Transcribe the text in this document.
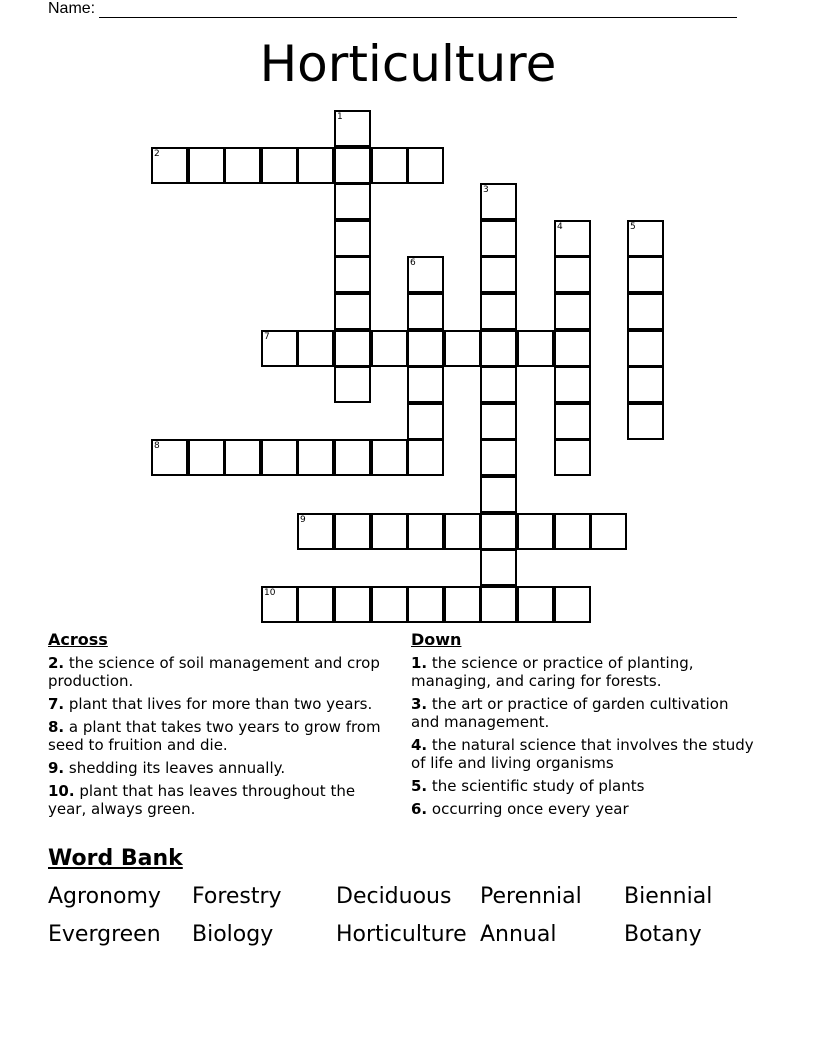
Name:
Horticulture
1
2
3
4	5
6
7
8
9
10
Across
2. the science of soil management and crop production.
7. plant that lives for more than two years.
8. a plant that takes two years to grow from seed to fruition and die.
9. shedding its leaves annually.
10. plant that has leaves throughout the year, always green.
Down
1. the science or practice of planting, managing, and caring for forests.
3. the art or practice of garden cultivation and management.
4. the natural science that involves the study of life and living organisms
5. the scientific study of plants
6. occurring once every year
Word Bank
Agronomy Forestry Deciduous Perennial Biennial
Evergreen Biology	Horticulture Annual	Botany
